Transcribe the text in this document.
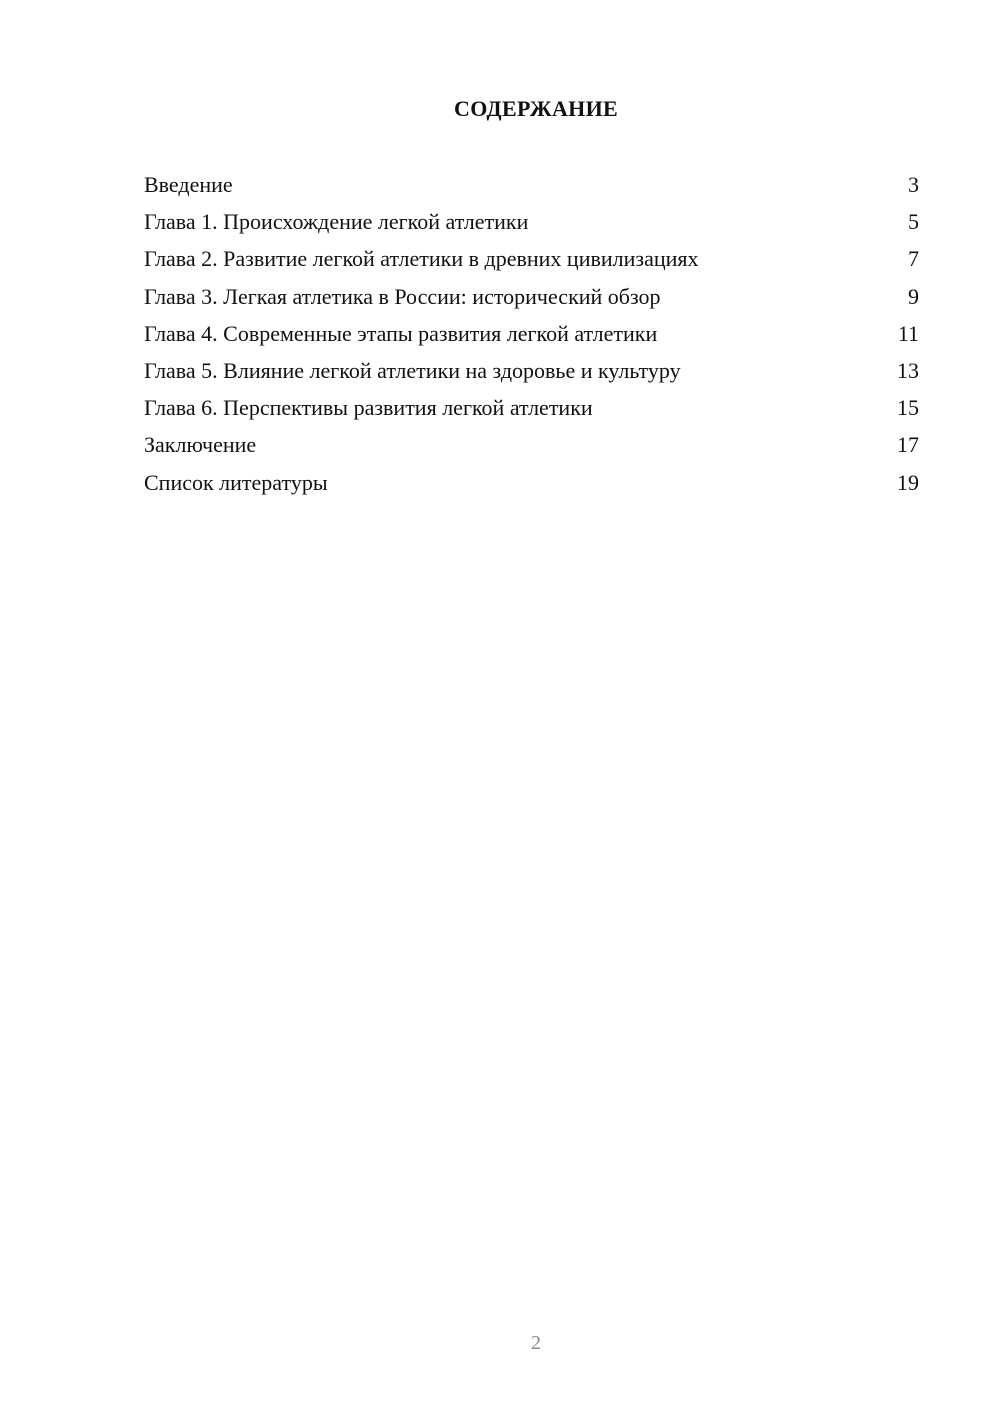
СОДЕРЖАНИЕ
Введение	3
Глава 1. Происхождение легкой атлетики	5
Глава 2. Развитие легкой атлетики в древних цивилизациях	7
Глава 3. Легкая атлетика в России: исторический обзор	9
Глава 4. Современные этапы развития легкой атлетики	11
Глава 5. Влияние легкой атлетики на здоровье и культуру	13
Глава 6. Перспективы развития легкой атлетики	15
Заключение	17
Список литературы	19
2
